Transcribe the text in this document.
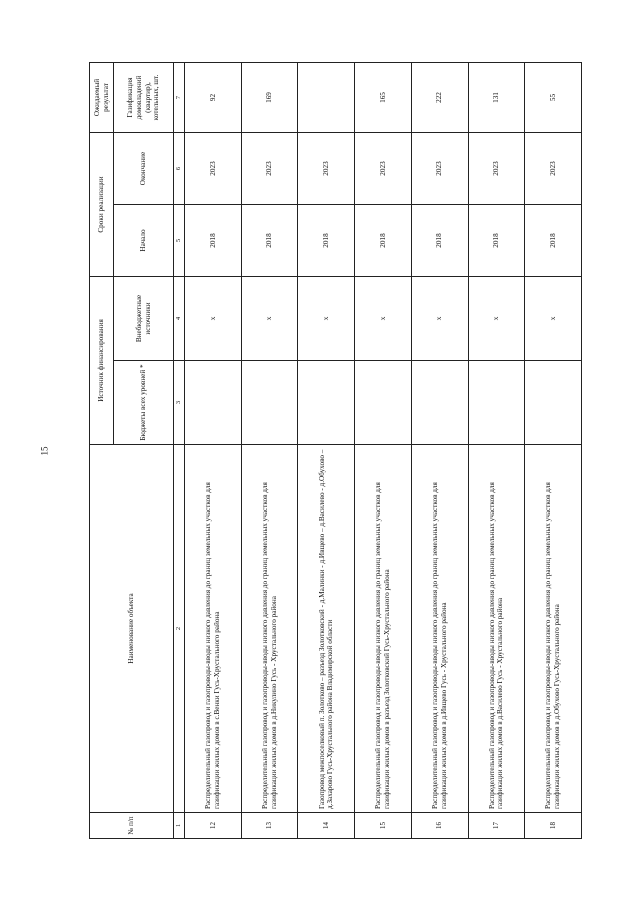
15
№ п/п	Наименование объекта	Источник финансирования		Сроки реализации		Ожидаемый результат
		Бюджеты всех уровней *	Внебюджетные источники	Начало	Окончание	Газификация домовладений (квартир), котельных, шт.
1	2	3	4	5	6	7
12	Распределительный газопровод и газопроводы-вводы низкого давления до границ земельных участков для газификации жилых домов в с.Венки Гусь-Хрустального района		x	2018	2023	92
13	Распределительный газопровод и газопроводы-вводы низкого давления до границ земельных участков для газификации жилых домов в д.Никулино Гусь - Хрустального района		x	2018	2023	169
14	Газопровод межпоселковый п. Золотково – разъезд Золотковский - д.Малинки - д.Ивщево – д.Василево - д.Обухово – д.Захарово Гусь-Хрустального района Владимирской области		x	2018	2023	
15	Распределительный газопровод и газопроводы-вводы низкого давления до границ земельных участков для газификации жилых домов в разъезд Золотковский Гусь-Хрустального района		x	2018	2023	165
16	Распределительный газопровод и газопроводы-вводы низкого давления до границ земельных участков для газификации жилых домов в д.Ивщево Гусь - Хрустального района		x	2018	2023	222
17	Распределительный газопровод и газопроводы-вводы низкого давления до границ земельных участков для газификации жилых домов в д.Василево Гусь - Хрустального района		x	2018	2023	131
18	Распределительный газопровод и газопроводы-вводы низкого давления до границ земельных участков для газификации жилых домов в д.Обухово Гусь-Хрустального района		x	2018	2023	55
